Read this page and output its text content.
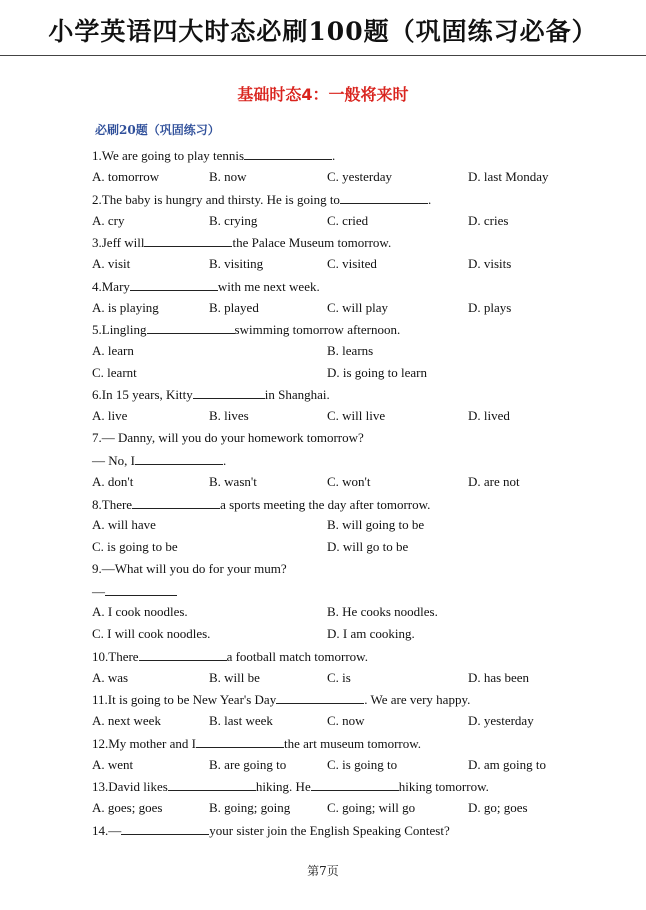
小学英语四大时态必刷100题（巩固练习必备）
基础时态4：一般将来时
必刷20题（巩固练习）
1.We are going to play tennis	.
A. tomorrow	B. now	C. yesterday	D. last Monday
2.The baby is hungry and thirsty. He is going to	.
A. cry	B. crying	C. cried	D. cries
3.Jeff will	the Palace Museum tomorrow.
A. visit	B. visiting	C. visited	D. visits
4.Mary	with me next week.
A. is playing	B. played	C. will play	D. plays
5.Lingling	swimming tomorrow afternoon.
A. learn	B. learns
C. learnt	D. is going to learn
6.In 15 years, Kitty	in Shanghai.
A. live	B. lives	C. will live	D. lived
7.— Danny, will you do your homework tomorrow?
— No, I	.
A. don't	B. wasn't	C. won't	D. are not
8.There	a sports meeting the day after tomorrow.
A. will have	B. will going to be
C. is going to be	D. will go to be
9.—What will you do for your mum?
—
A. I cook noodles.	B. He cooks noodles.
C. I will cook noodles.	D. I am cooking.
10.There	a football match tomorrow.
A. was	B. will be	C. is	D. has been
11.It is going to be New Year's Day	. We are very happy.
A. next week	B. last week	C. now	D. yesterday
12.My mother and I	the art museum tomorrow.
A. went	B. are going to	C. is going to	D. am going to
13.David likes	hiking. He	hiking tomorrow.
A. goes; goes	B. going; going	C. going; will go	D. go; goes
14.—	your sister join the English Speaking Contest?
第7页
